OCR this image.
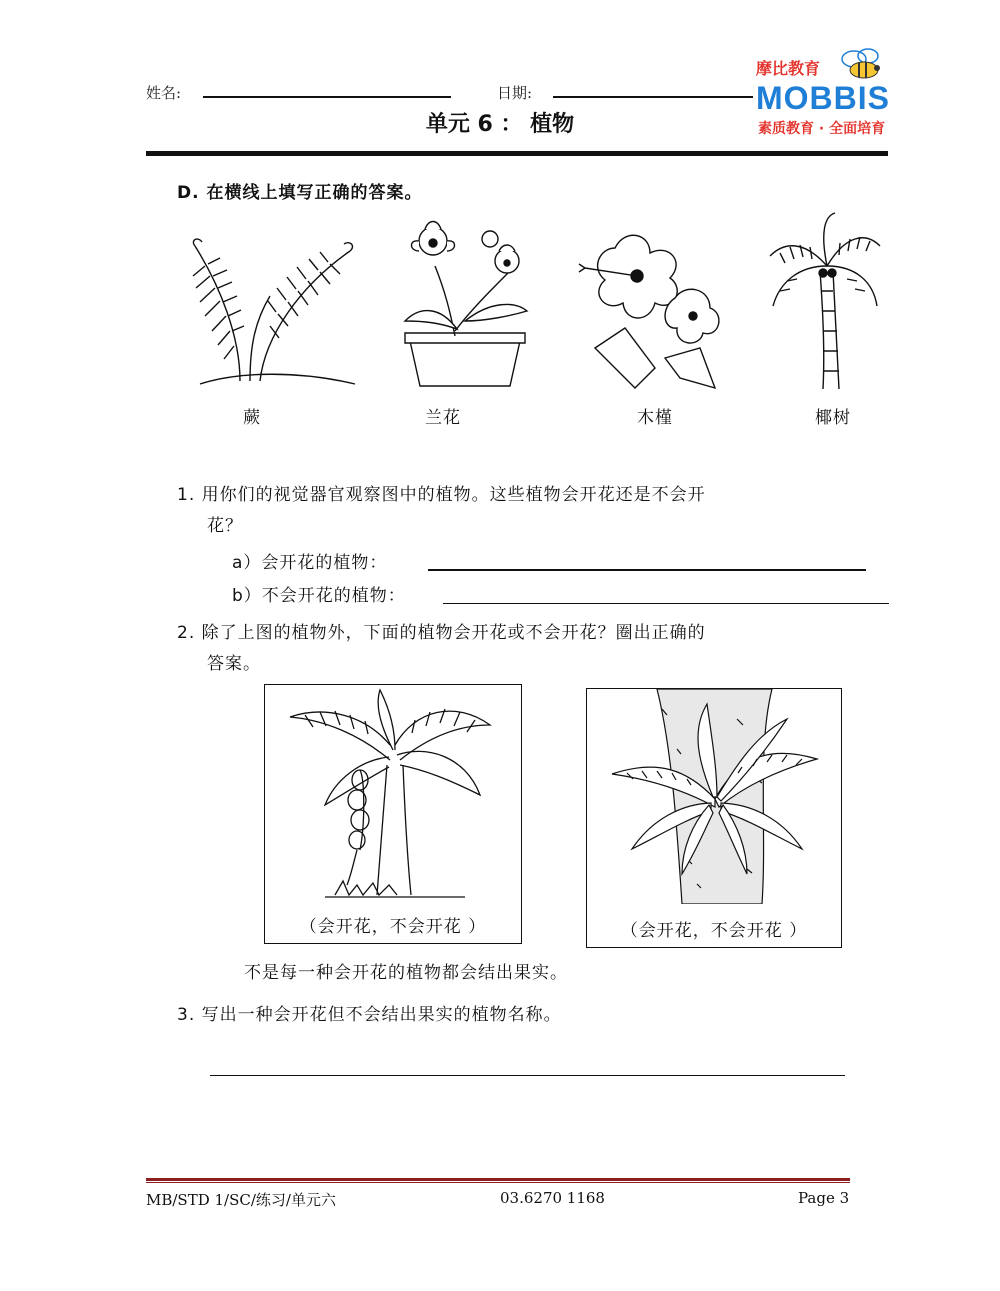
姓名:	日期:
摩比教育
MOBBIS
素质教育 · 全面培育
单元 6 ： 植物
D. 在横线上填写正确的答案。
蕨	兰花	木槿	椰树
1. 用你们的视觉器官观察图中的植物。这些植物会开花还是不会开
花？
a）会开花的植物：
b）不会开花的植物：
2. 除了上图的植物外，下面的植物会开花或不会开花？圈出正确的
答案。
（会开花，不会开花 ）	（会开花，不会开花 ）
不是每一种会开花的植物都会结出果实。
3. 写出一种会开花但不会结出果实的植物名称。
MB/STD 1/SC/练习/单元六	03.6270 1168	Page 3
